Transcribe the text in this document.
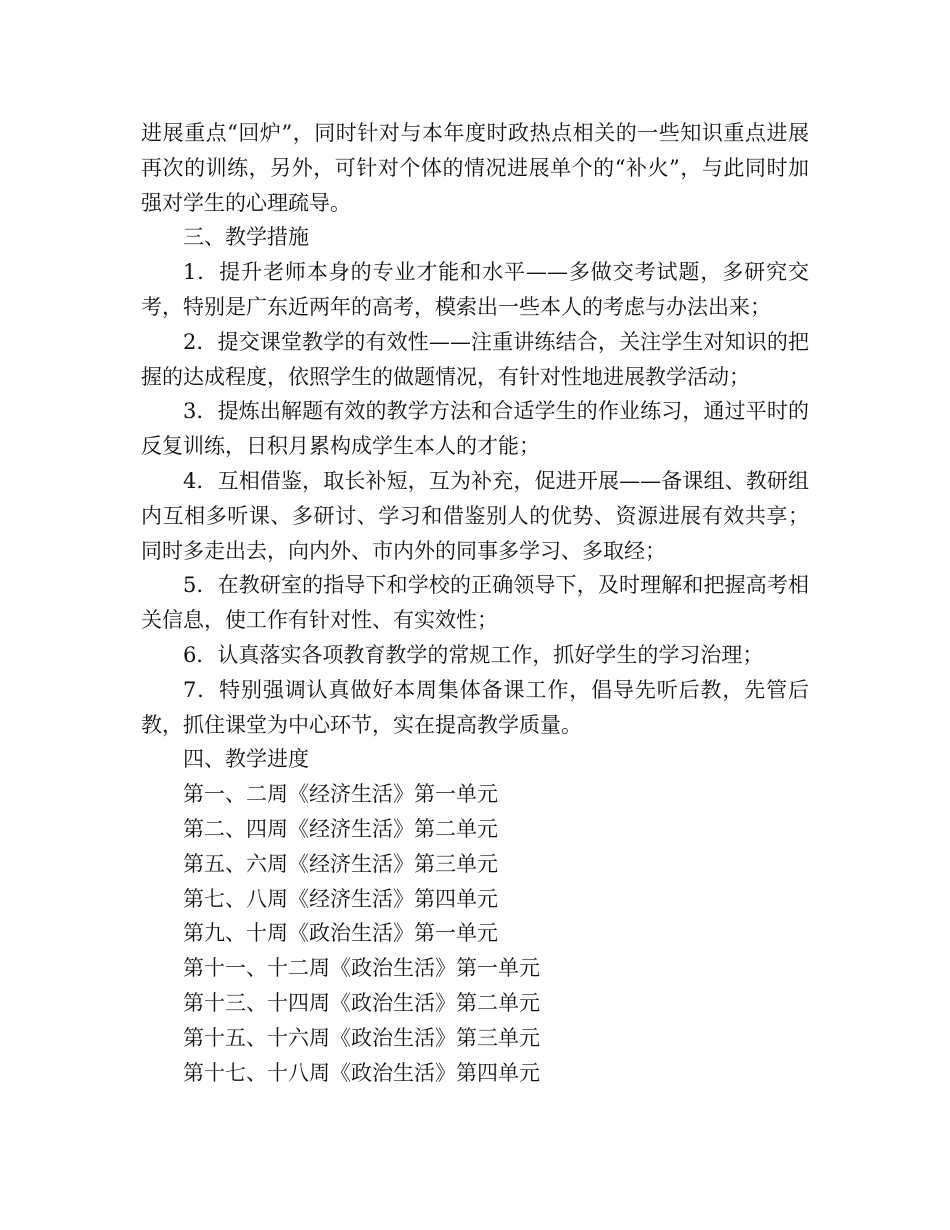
进展重点“回炉”，同时针对与本年度时政热点相关的一些知识重点进展再次的训练，另外，可针对个体的情况进展单个的“补火”，与此同时加强对学生的心理疏导。

三、教学措施

1．提升老师本身的专业才能和水平——多做交考试题，多研究交考，特别是广东近两年的高考，模索出一些本人的考虑与办法出来；

2．提交课堂教学的有效性——注重讲练结合，关注学生对知识的把握的达成程度，依照学生的做题情况，有针对性地进展教学活动；

3．提炼出解题有效的教学方法和合适学生的作业练习，通过平时的反复训练，日积月累构成学生本人的才能；

4．互相借鉴，取长补短，互为补充，促进开展——备课组、教研组内互相多听课、多研讨、学习和借鉴别人的优势、资源进展有效共享；同时多走出去，向内外、市内外的同事多学习、多取经；

5．在教研室的指导下和学校的正确领导下，及时理解和把握高考相关信息，使工作有针对性、有实效性；

6．认真落实各项教育教学的常规工作，抓好学生的学习治理；

7．特别强调认真做好本周集体备课工作，倡导先听后教，先管后教，抓住课堂为中心环节，实在提高教学质量。

四、教学进度

第一、二周《经济生活》第一单元

第二、四周《经济生活》第二单元

第五、六周《经济生活》第三单元

第七、八周《经济生活》第四单元

第九、十周《政治生活》第一单元

第十一、十二周《政治生活》第一单元

第十三、十四周《政治生活》第二单元

第十五、十六周《政治生活》第三单元

第十七、十八周《政治生活》第四单元
